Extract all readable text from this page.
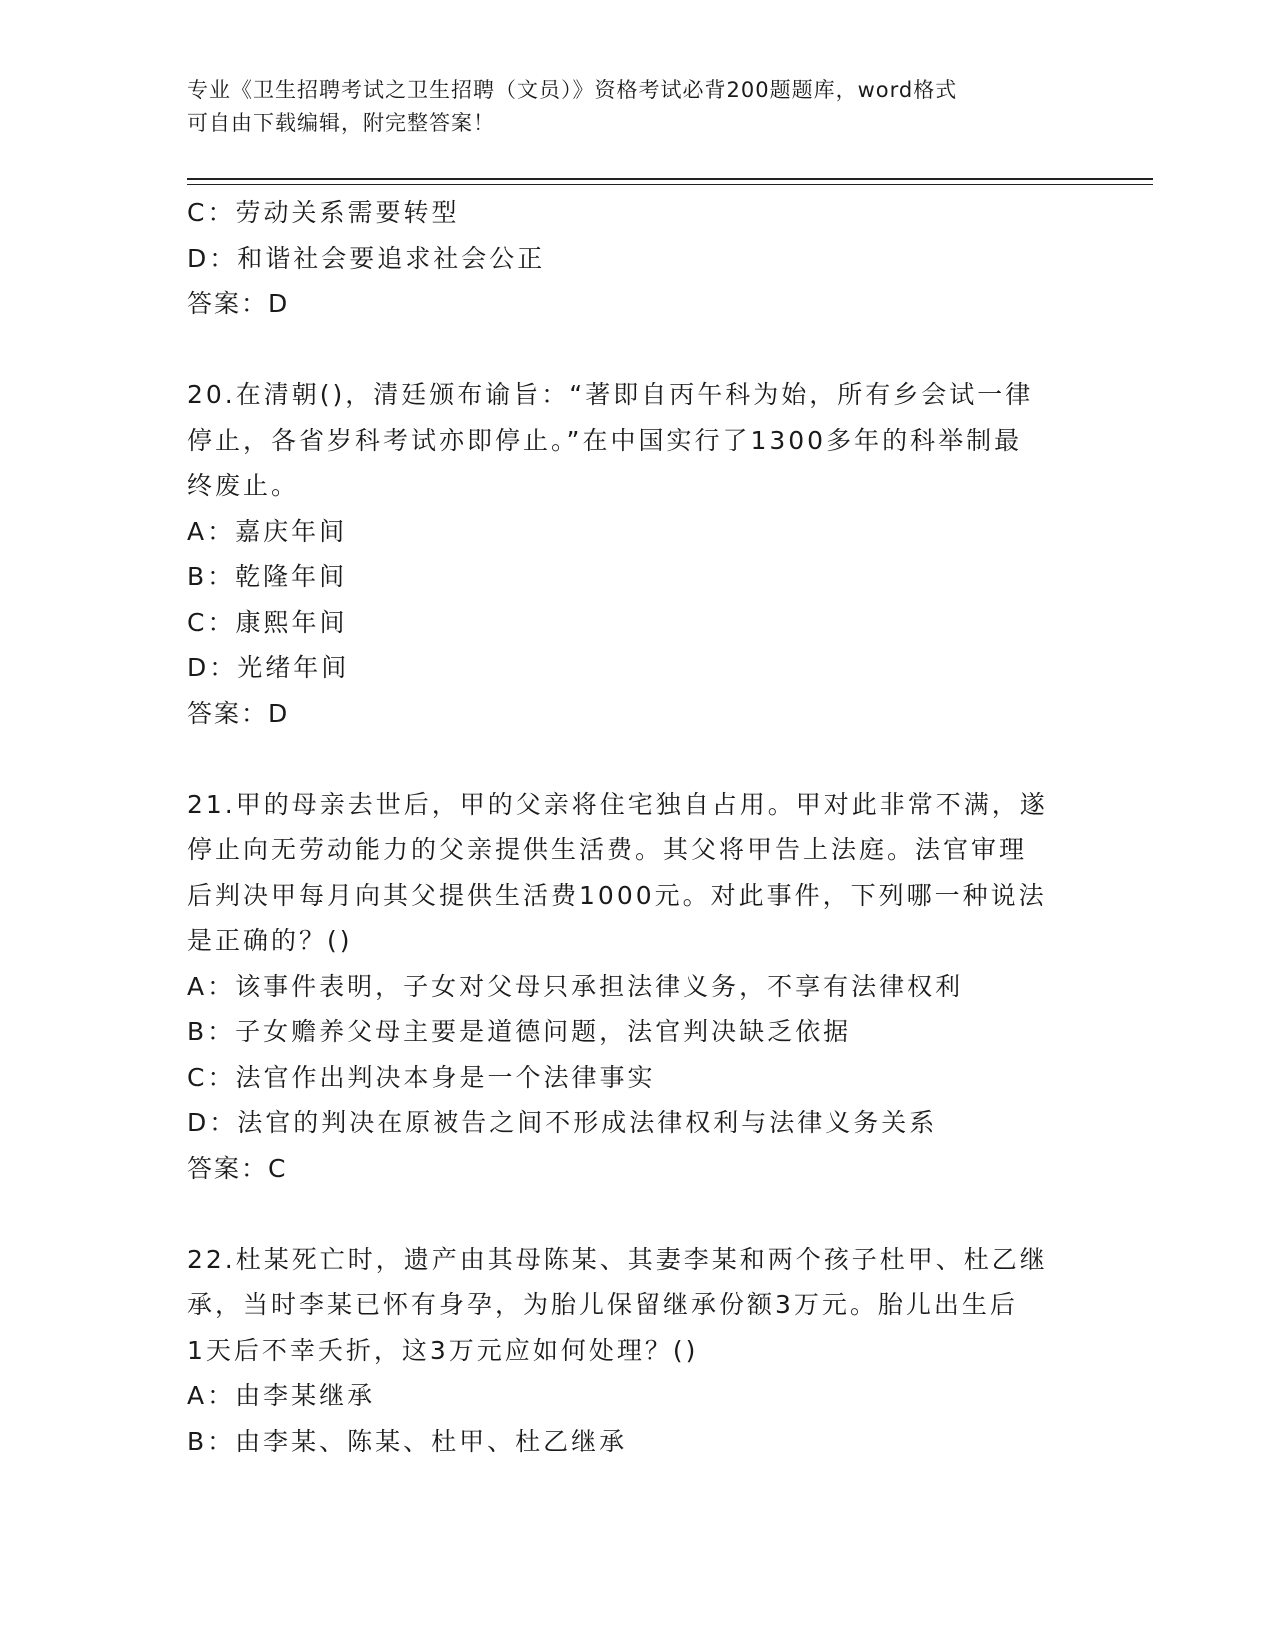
专业《卫生招聘考试之卫生招聘（文员）》资格考试必背200题题库，word格式
可自由下载编辑，附完整答案！
C：劳动关系需要转型
D：和谐社会要追求社会公正
答案：D
20.在清朝()，清廷颁布谕旨：“著即自丙午科为始，所有乡会试一律
停止，各省岁科考试亦即停止。”在中国实行了1300多年的科举制最
终废止。
A：嘉庆年间
B：乾隆年间
C：康熙年间
D：光绪年间
答案：D
21.甲的母亲去世后，甲的父亲将住宅独自占用。甲对此非常不满，遂
停止向无劳动能力的父亲提供生活费。其父将甲告上法庭。法官审理
后判决甲每月向其父提供生活费1000元。对此事件，下列哪一种说法
是正确的？()
A：该事件表明，子女对父母只承担法律义务，不享有法律权利
B：子女赡养父母主要是道德问题，法官判决缺乏依据
C：法官作出判决本身是一个法律事实
D：法官的判决在原被告之间不形成法律权利与法律义务关系
答案：C
22.杜某死亡时，遗产由其母陈某、其妻李某和两个孩子杜甲、杜乙继
承，当时李某已怀有身孕，为胎儿保留继承份额3万元。胎儿出生后
1天后不幸夭折，这3万元应如何处理？()
A：由李某继承
B：由李某、陈某、杜甲、杜乙继承
